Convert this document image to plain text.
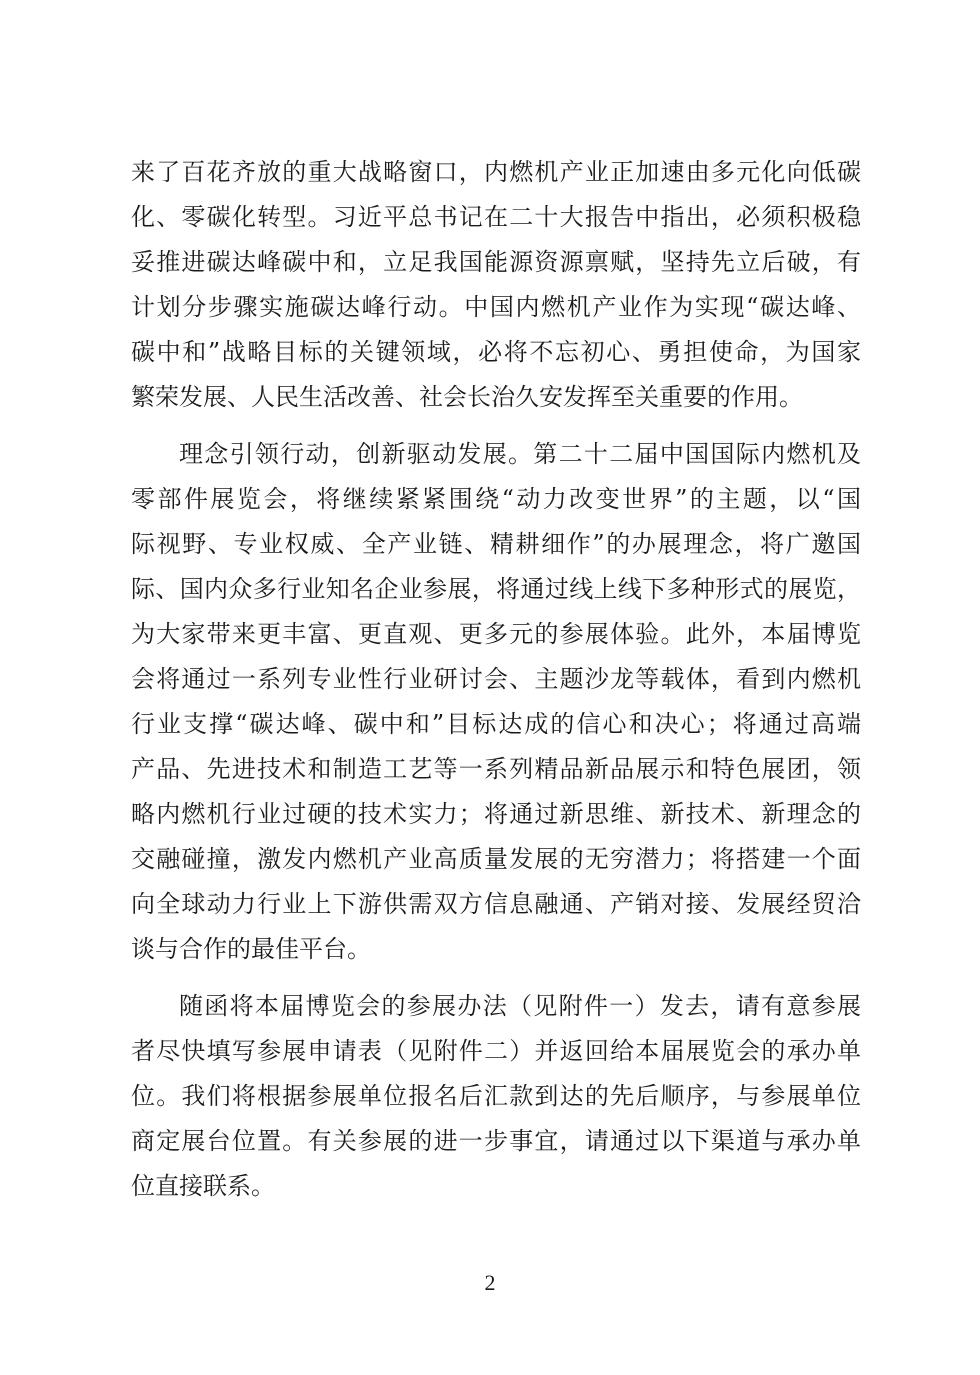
来了百花齐放的重大战略窗口，内燃机产业正加速由多元化向低碳
化、零碳化转型。习近平总书记在二十大报告中指出，必须积极稳
妥推进碳达峰碳中和，立足我国能源资源禀赋，坚持先立后破，有
计划分步骤实施碳达峰行动。中国内燃机产业作为实现“碳达峰、
碳中和”战略目标的关键领域，必将不忘初心、勇担使命，为国家
繁荣发展、人民生活改善、社会长治久安发挥至关重要的作用。
理念引领行动，创新驱动发展。第二十二届中国国际内燃机及
零部件展览会，将继续紧紧围绕“动力改变世界”的主题，以“国
际视野、专业权威、全产业链、精耕细作”的办展理念，将广邀国
际、国内众多行业知名企业参展，将通过线上线下多种形式的展览，
为大家带来更丰富、更直观、更多元的参展体验。此外，本届博览
会将通过一系列专业性行业研讨会、主题沙龙等载体，看到内燃机
行业支撑“碳达峰、碳中和”目标达成的信心和决心；将通过高端
产品、先进技术和制造工艺等一系列精品新品展示和特色展团，领
略内燃机行业过硬的技术实力；将通过新思维、新技术、新理念的
交融碰撞，激发内燃机产业高质量发展的无穷潜力；将搭建一个面
向全球动力行业上下游供需双方信息融通、产销对接、发展经贸洽
谈与合作的最佳平台。
随函将本届博览会的参展办法（见附件一）发去，请有意参展
者尽快填写参展申请表（见附件二）并返回给本届展览会的承办单
位。我们将根据参展单位报名后汇款到达的先后顺序，与参展单位
商定展台位置。有关参展的进一步事宜，请通过以下渠道与承办单
位直接联系。
2
